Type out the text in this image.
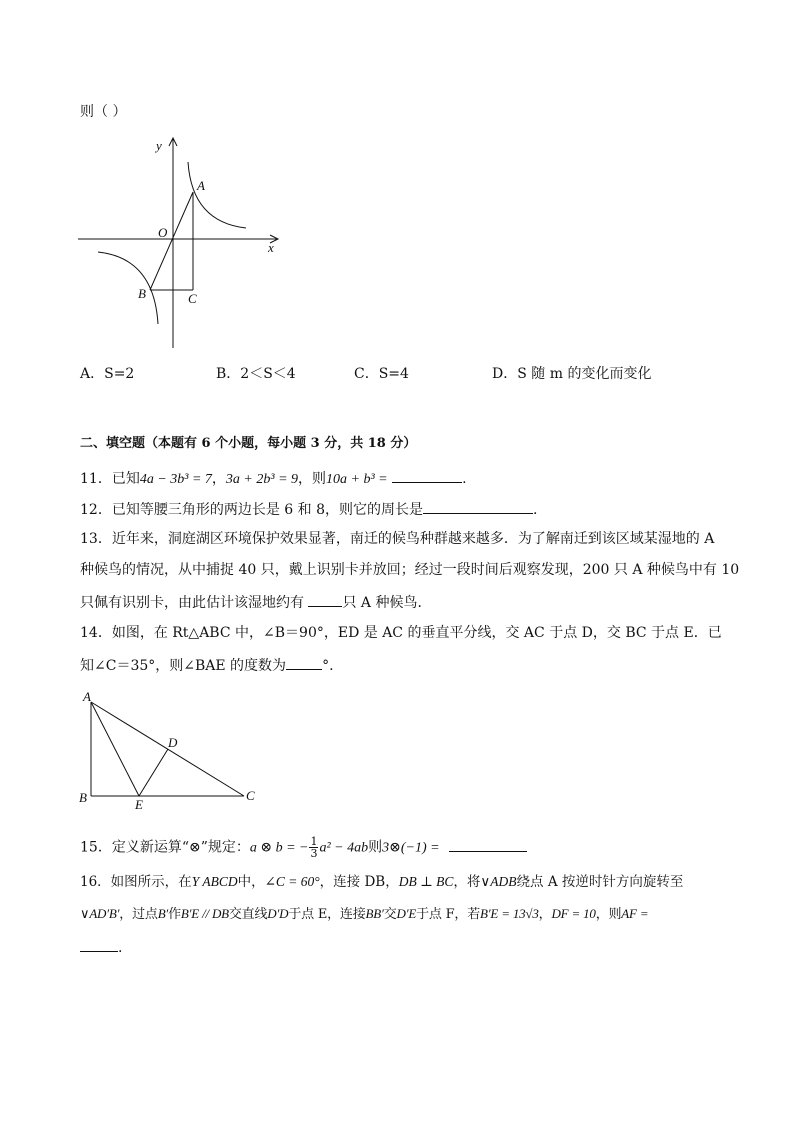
则（ ）
y
x
O
A
B	C
A．S=2	B．2＜S＜4	C．S=4	D．S 随 m 的变化而变化
二、填空题（本题有 6 个小题，每小题 3 分，共 18 分）
11．已知4a − 3b³ = 7，3a + 2b³ = 9，则10a + b³ =	.
12．已知等腰三角形的两边长是 6 和 8，则它的周长是	.
13．近年来，洞庭湖区环境保护效果显著，南迁的候鸟种群越来越多．为了解南迁到该区域某湿地的 A
种候鸟的情况，从中捕捉 40 只，戴上识别卡并放回；经过一段时间后观察发现，200 只 A 种候鸟中有 10
只佩有识别卡，由此估计该湿地约有 只 A 种候鸟．
14．如图，在 Rt△ABC 中，∠B＝90°，ED 是 AC 的垂直平分线，交 AC 于点 D，交 BC 于点 E．已
知∠C＝35°，则∠BAE 的度数为	°.
A
B	C
D
E
15．定义新运算“⊗”规定：a ⊗ b = − $\frac{1}{3} a^2 - 4ab$则3⊗(−1) =
16．如图所示，在Y ABCD中，∠C = 60°，连接 DB，DB ⊥ BC，将∨ADB绕点 A 按逆时针方向旋转至
∨AD′B′，过点B′作B′E // DB交直线D′D于点 E，连接BB′交D′E于点 F，若B′E = 13√3，DF = 10，则AF =
.
